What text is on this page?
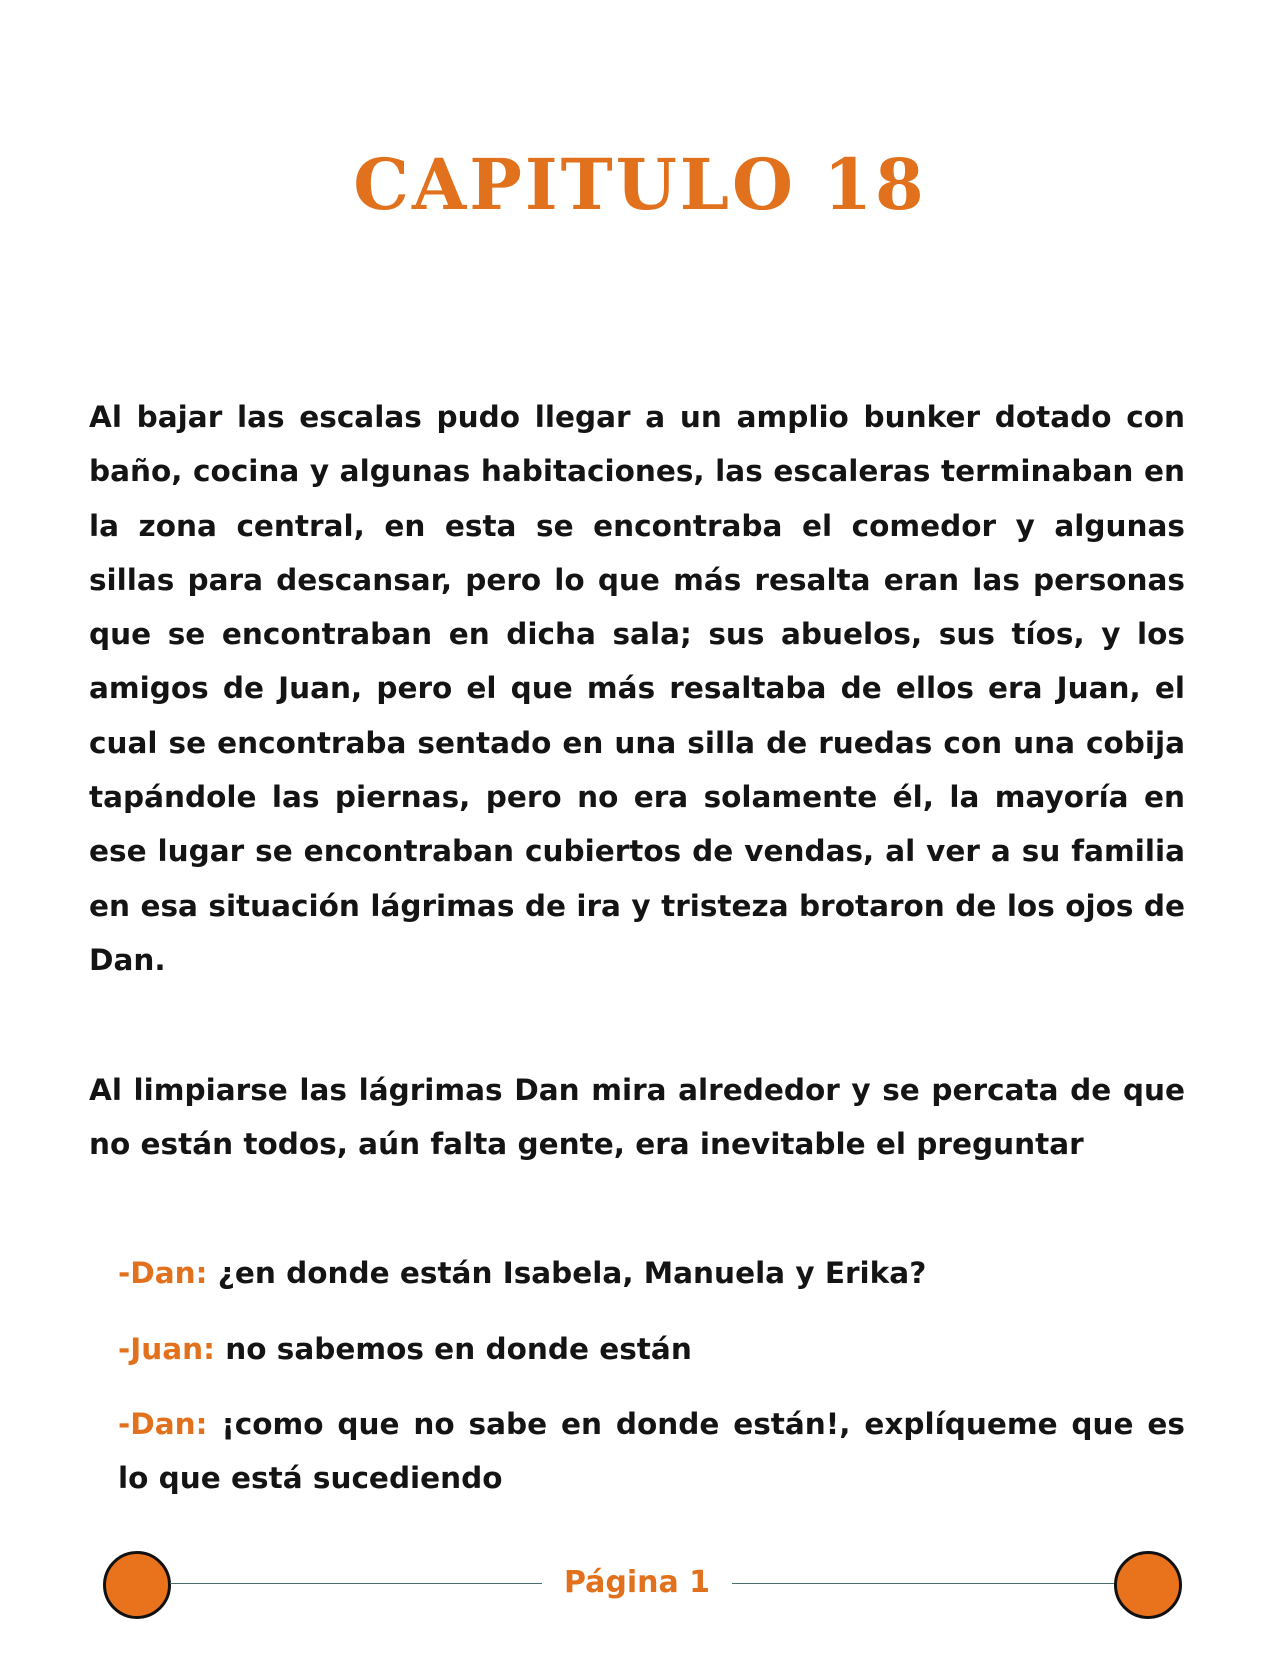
CAPITULO 18

Al bajar las escalas pudo llegar a un amplio bunker dotado con baño, cocina y algunas habitaciones, las escaleras terminaban en la zona central, en esta se encontraba el comedor y algunas sillas para descansar, pero lo que más resalta eran las personas que se encontraban en dicha sala; sus abuelos, sus tíos, y los amigos de Juan, pero el que más resaltaba de ellos era Juan, el cual se encontraba sentado en una silla de ruedas con una cobija tapándole las piernas, pero no era solamente él, la mayoría en ese lugar se encontraban cubiertos de vendas, al ver a su familia en esa situación lágrimas de ira y tristeza brotaron de los ojos de Dan.

Al limpiarse las lágrimas Dan mira alrededor y se percata de que no están todos, aún falta gente, era inevitable el preguntar

-Dan: ¿en donde están Isabela, Manuela y Erika?

-Juan: no sabemos en donde están

-Dan: ¡como que no sabe en donde están!, explíqueme que es lo que está sucediendo

Página 1
